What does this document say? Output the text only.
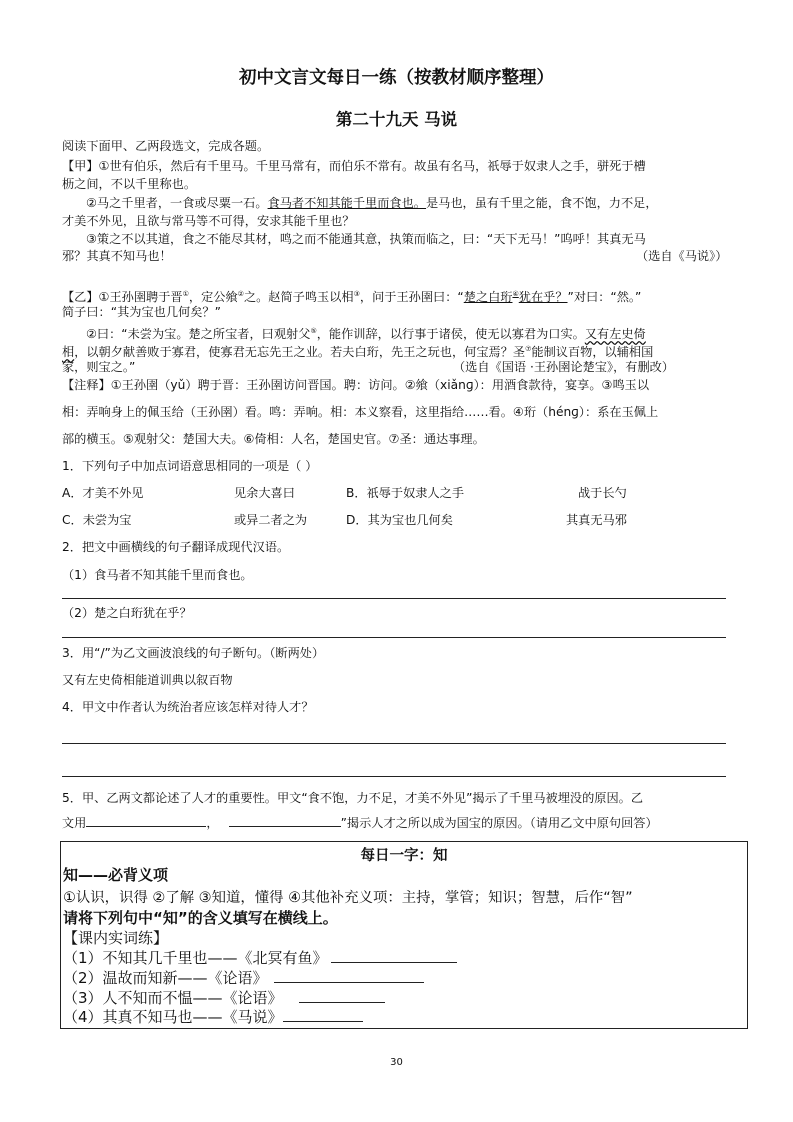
初中文言文每日一练（按教材顺序整理）
第二十九天 马说
阅读下面甲、乙两段选文，完成各题。
【甲】①世有伯乐，然后有千里马。千里马常有，而伯乐不常有。故虽有名马，祇辱于奴隶人之手，骈死于槽
枥之间，不以千里称也。
②马之千里者，一食或尽粟一石。食马者不知其能千里而食也。是马也，虽有千里之能，食不饱，力不足，
才美不外见，且欲与常马等不可得，安求其能千里也？
③策之不以其道，食之不能尽其材，鸣之而不能通其意，执策而临之，曰：“天下无马！”呜呼！其真无马
邪？其真不知马也！	（选自《马说》）
【乙】①王孙圉聘于晋①，定公飨②之。赵简子鸣玉以相③，问于王孙圉曰：“楚之白珩④犹在乎？”对曰：“然。”
简子曰：“其为宝也几何矣？”
②曰：“未尝为宝。楚之所宝者，曰观射父⑤，能作训辞，以行事于诸侯，使无以寡君为口实。又有左史倚
相，以朝夕献善败于寡君，使寡君无忘先王之业。若夫白珩，先王之玩也，何宝焉？圣⑦能制议百物，以辅相国
家，则宝之。”	（选自《国语 ·王孙圉论楚宝》，有删改）
【注释】①王孙圉（yǔ）聘于晋：王孙圉访问晋国。聘：访问。②飨（xiǎnɡ）：用酒食款待，宴享。③鸣玉以
相：弄响身上的佩玉给（王孙圉）看。鸣：弄响。相：本义察看，这里指给……看。④珩（hénɡ）：系在玉佩上
部的横玉。⑤观射父：楚国大夫。⑥倚相：人名，楚国史官。⑦圣：通达事理。
1．下列句子中加点词语意思相同的一项是（ ）
A．才美不外见	见余大喜曰	B．祇辱于奴隶人之手	战于长勺
C．未尝为宝	或异二者之为	D．其为宝也几何矣	其真无马邪
2．把文中画横线的句子翻译成现代汉语。
（1）食马者不知其能千里而食也。
（2）楚之白珩犹在乎？
3．用“/”为乙文画波浪线的句子断句。（断两处）
又有左史倚相能道训典以叙百物
4．甲文中作者认为统治者应该怎样对待人才？
5．甲、乙两文都论述了人才的重要性。甲文“食不饱，力不足，才美不外见”揭示了千里马被埋没的原因。乙
文用	，	”揭示人才之所以成为国宝的原因。（请用乙文中原句回答）
每日一字：知
知——必背义项
①认识，识得 ②了解 ③知道，懂得 ④其他补充义项：主持，掌管；知识；智慧，后作“智”
请将下列句中“知”的含义填写在横线上。
【课内实词练】
（1）不知其几千里也——《北冥有鱼》
（2）温故而知新——《论语》
（3）人不知而不愠——《论语》
（4）其真不知马也——《马说》
30
